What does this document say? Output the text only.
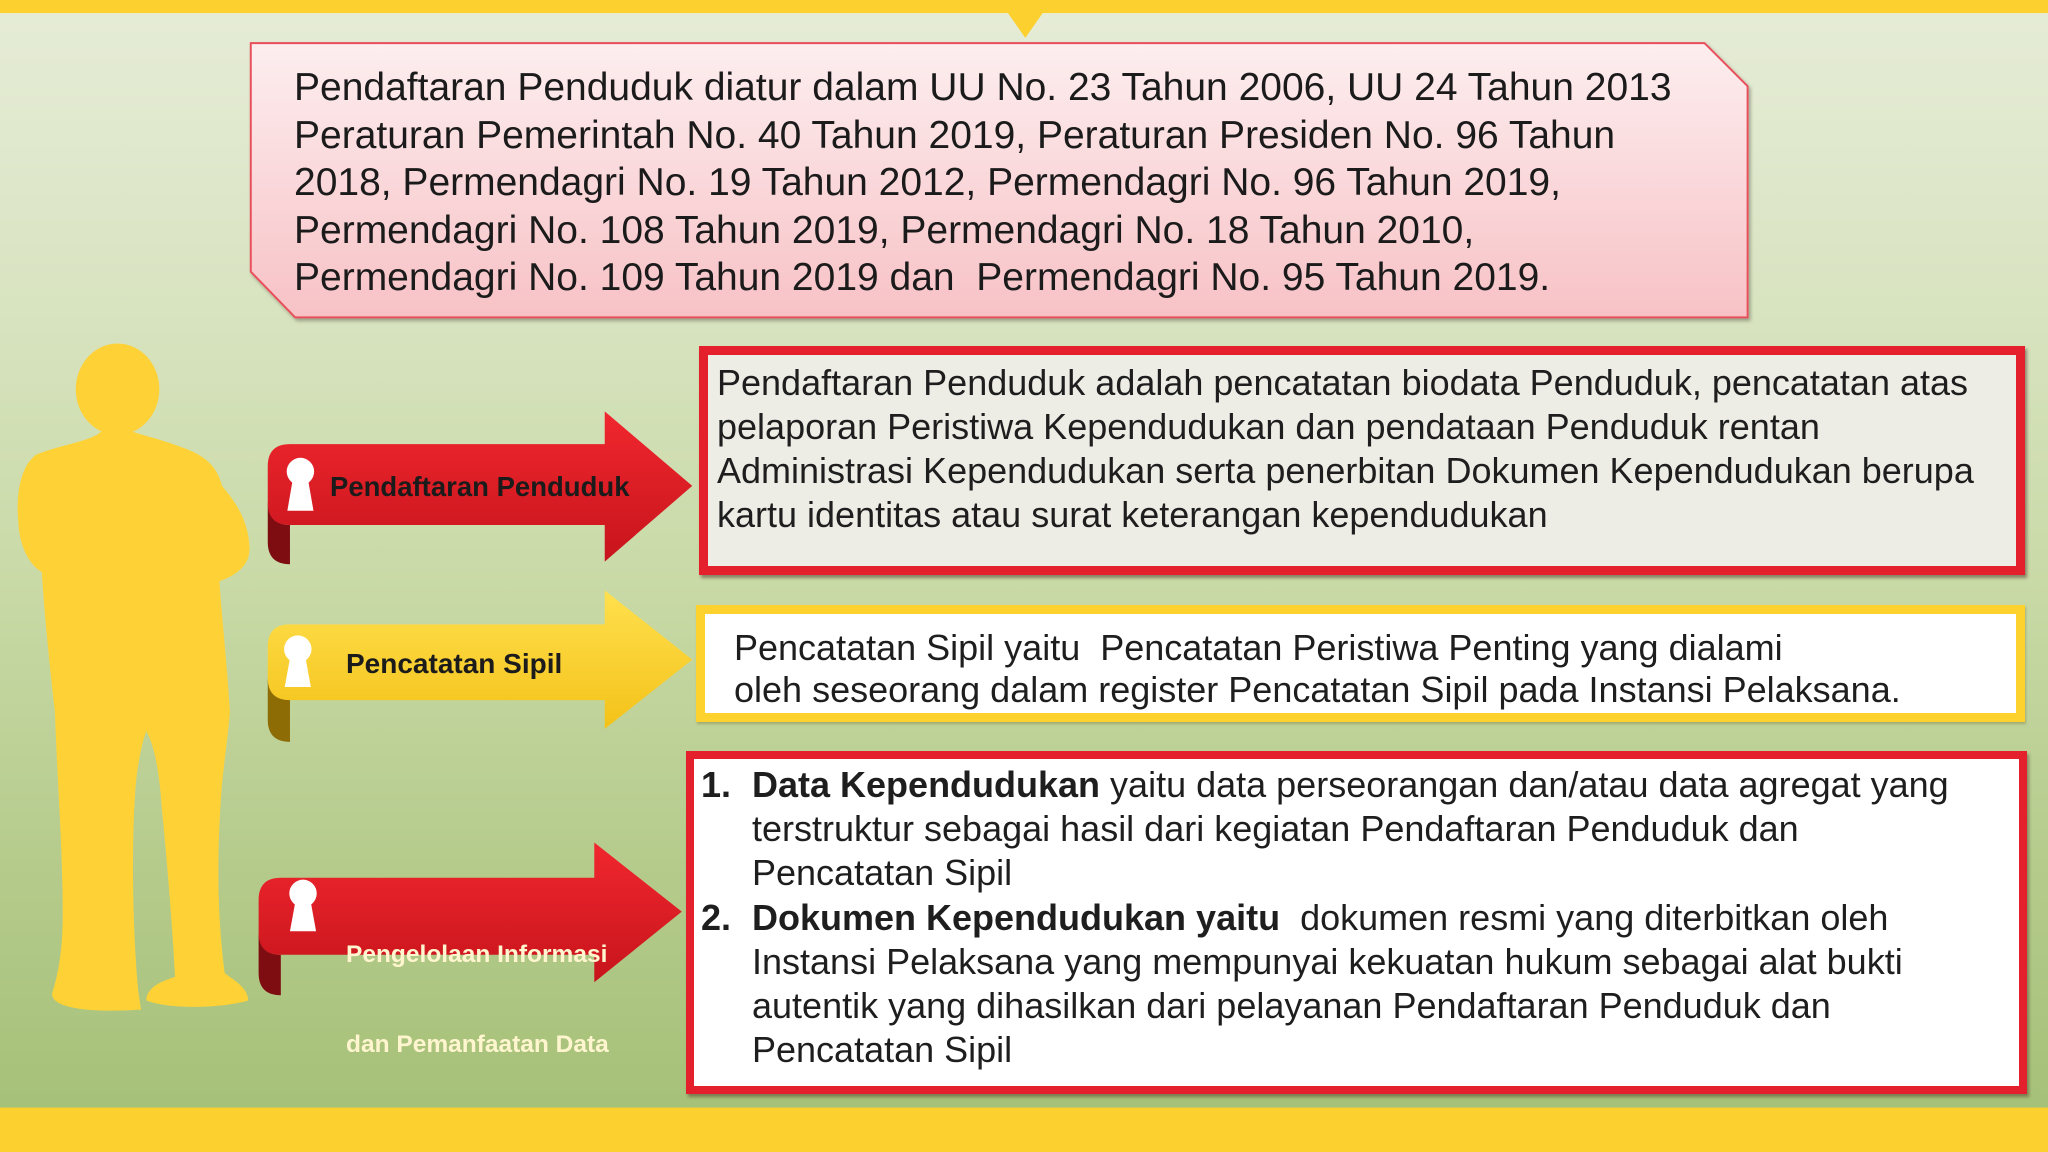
Pendaftaran Penduduk diatur dalam UU No. 23 Tahun 2006, UU 24 Tahun 2013
Peraturan Pemerintah No. 40 Tahun 2019, Peraturan Presiden No. 96 Tahun
2018, Permendagri No. 19 Tahun 2012, Permendagri No. 96 Tahun 2019,
Permendagri No. 108 Tahun 2019, Permendagri No. 18 Tahun 2010,
Permendagri No. 109 Tahun 2019 dan  Permendagri No. 95 Tahun 2019.
Pendaftaran Penduduk
Pencatatan Sipil

Pengelolaan Informasi

dan Pemanfaatan Data

Pendaftaran Penduduk adalah pencatatan biodata Penduduk, pencatatan atas
pelaporan Peristiwa Kependudukan dan pendataan Penduduk rentan
Administrasi Kependudukan serta penerbitan Dokumen Kependudukan berupa
kartu identitas atau surat keterangan kependudukan
Pencatatan Sipil yaitu  Pencatatan Peristiwa Penting yang dialami
oleh seseorang dalam register Pencatatan Sipil pada Instansi Pelaksana.
1. Data Kependudukan yaitu data perseorangan dan/atau data agregat yang
terstruktur sebagai hasil dari kegiatan Pendaftaran Penduduk dan
Pencatatan Sipil
2. Dokumen Kependudukan yaitu  dokumen resmi yang diterbitkan oleh
Instansi Pelaksana yang mempunyai kekuatan hukum sebagai alat bukti
autentik yang dihasilkan dari pelayanan Pendaftaran Penduduk dan
Pencatatan Sipil
